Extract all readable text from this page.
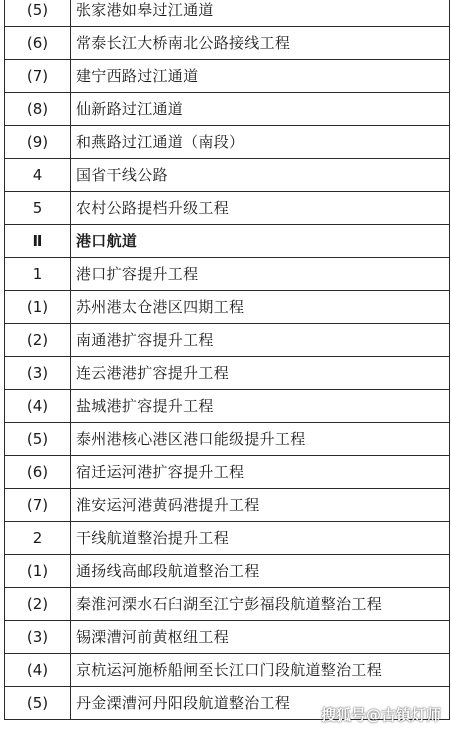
(5)	张家港如皋过江通道
(6)	常泰长江大桥南北公路接线工程
(7)	建宁西路过江通道
(8)	仙新路过江通道
(9)	和燕路过江通道（南段）
4	国省干线公路
5	农村公路提档升级工程
Ⅱ	港口航道
1	港口扩容提升工程
(1)	苏州港太仓港区四期工程
(2)	南通港扩容提升工程
(3)	连云港港扩容提升工程
(4)	盐城港扩容提升工程
(5)	泰州港核心港区港口能级提升工程
(6)	宿迁运河港扩容提升工程
(7)	淮安运河港黄码港提升工程
2	干线航道整治提升工程
(1)	通扬线高邮段航道整治工程
(2)	秦淮河溧水石臼湖至江宁彭福段航道整治工程
(3)	锡溧漕河前黄枢纽工程
(4)	京杭运河施桥船闸至长江口门段航道整治工程
(5)	丹金溧漕河丹阳段航道整治工程
搜狐号@古镇灯师
